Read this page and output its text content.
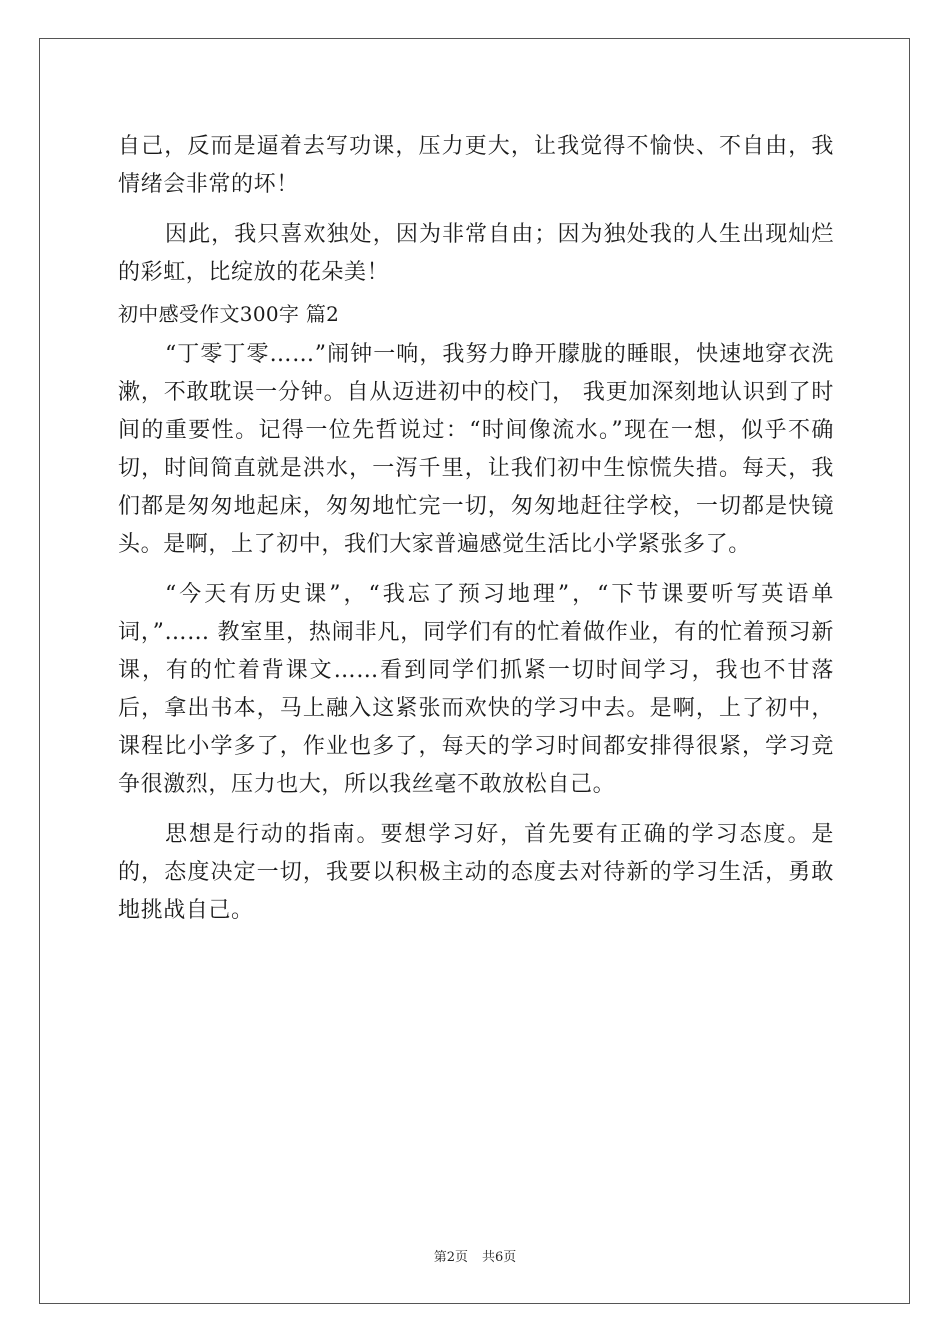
自己，反而是逼着去写功课，压力更大，让我觉得不愉快、不自由，我情绪会非常的坏！

因此，我只喜欢独处，因为非常自由；因为独处我的人生出现灿烂的彩虹，比绽放的花朵美！

初中感受作文300字 篇2

“丁零丁零……”闹钟一响，我努力睁开朦胧的睡眼，快速地穿衣洗漱，不敢耽误一分钟。自从迈进初中的校门， 我更加深刻地认识到了时间的重要性。记得一位先哲说过：“时间像流水。”现在一想，似乎不确切，时间简直就是洪水，一泻千里，让我们初中生惊慌失措。每天，我们都是匆匆地起床，匆匆地忙完一切，匆匆地赶往学校，一切都是快镜头。是啊，上了初中，我们大家普遍感觉生活比小学紧张多了。

“今天有历史课”，“我忘了预习地理”，“下节课要听写英语单词，”…… 教室里，热闹非凡，同学们有的忙着做作业，有的忙着预习新课，有的忙着背课文……看到同学们抓紧一切时间学习，我也不甘落后，拿出书本，马上融入这紧张而欢快的学习中去。是啊，上了初中，课程比小学多了，作业也多了，每天的学习时间都安排得很紧，学习竞争很激烈，压力也大，所以我丝毫不敢放松自己。

思想是行动的指南。要想学习好，首先要有正确的学习态度。是的，态度决定一切，我要以积极主动的态度去对待新的学习生活，勇敢地挑战自己。

第2页 共6页
